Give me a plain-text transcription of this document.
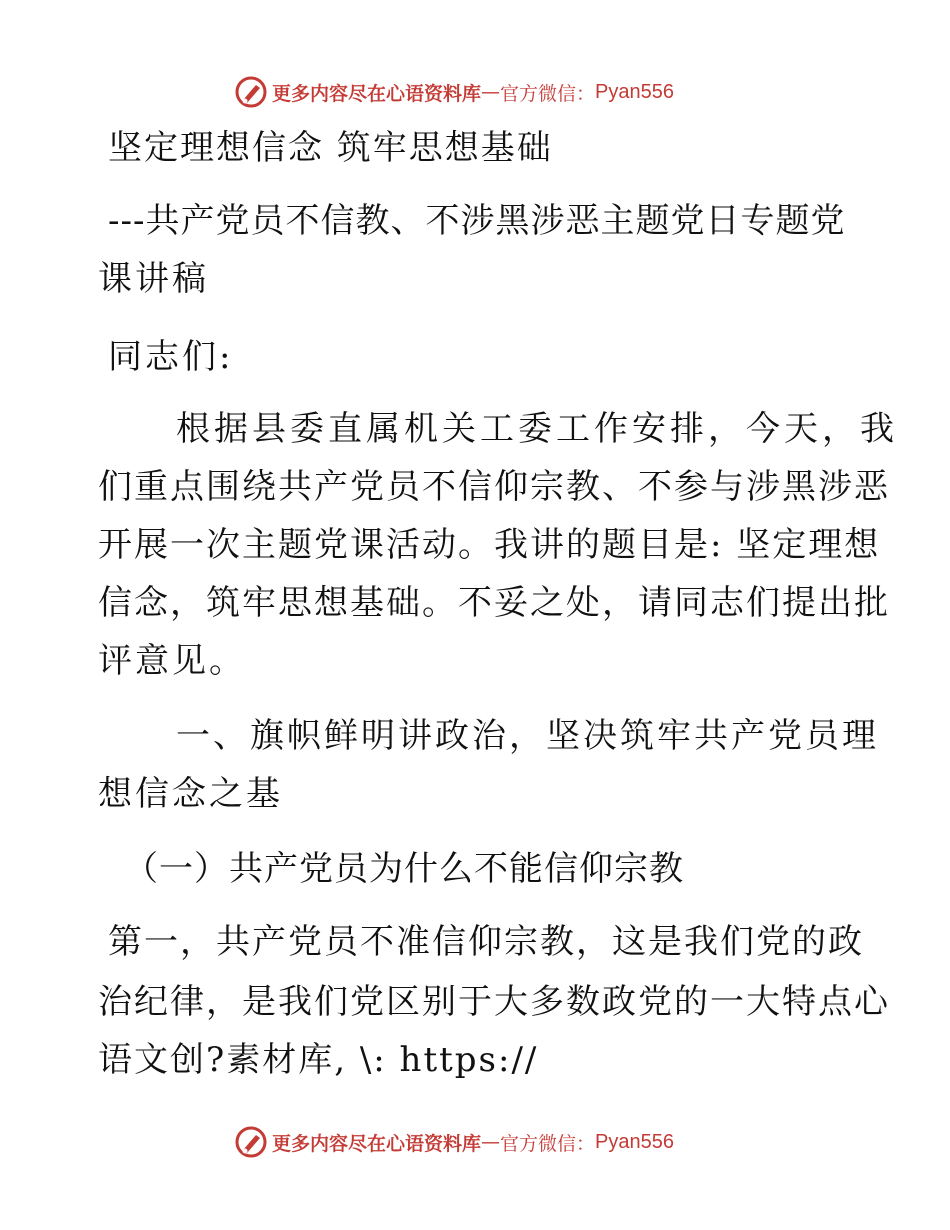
更多内容尽在心语资料库 — 官方微信： Pyan556
坚定理想信念 筑牢思想基础
---共产党员不信教、不涉黑涉恶主题党日专题党
课讲稿
同志们:
根据县委直属机关工委工作安排，今天，我
们重点围绕共产党员不信仰宗教、不参与涉黑涉恶
开展一次主题党课活动。我讲的题目是: 坚定理想
信念，筑牢思想基础。不妥之处，请同志们提出批
评意见。
一、旗帜鲜明讲政治，坚决筑牢共产党员理
想信念之基
（一）共产党员为什么不能信仰宗教
第一，共产党员不准信仰宗教，这是我们党的政
治纪律，是我们党区别于大多数政党的一大特点心
语文创?素材库, \: https://
更多内容尽在心语资料库 — 官方微信： Pyan556
